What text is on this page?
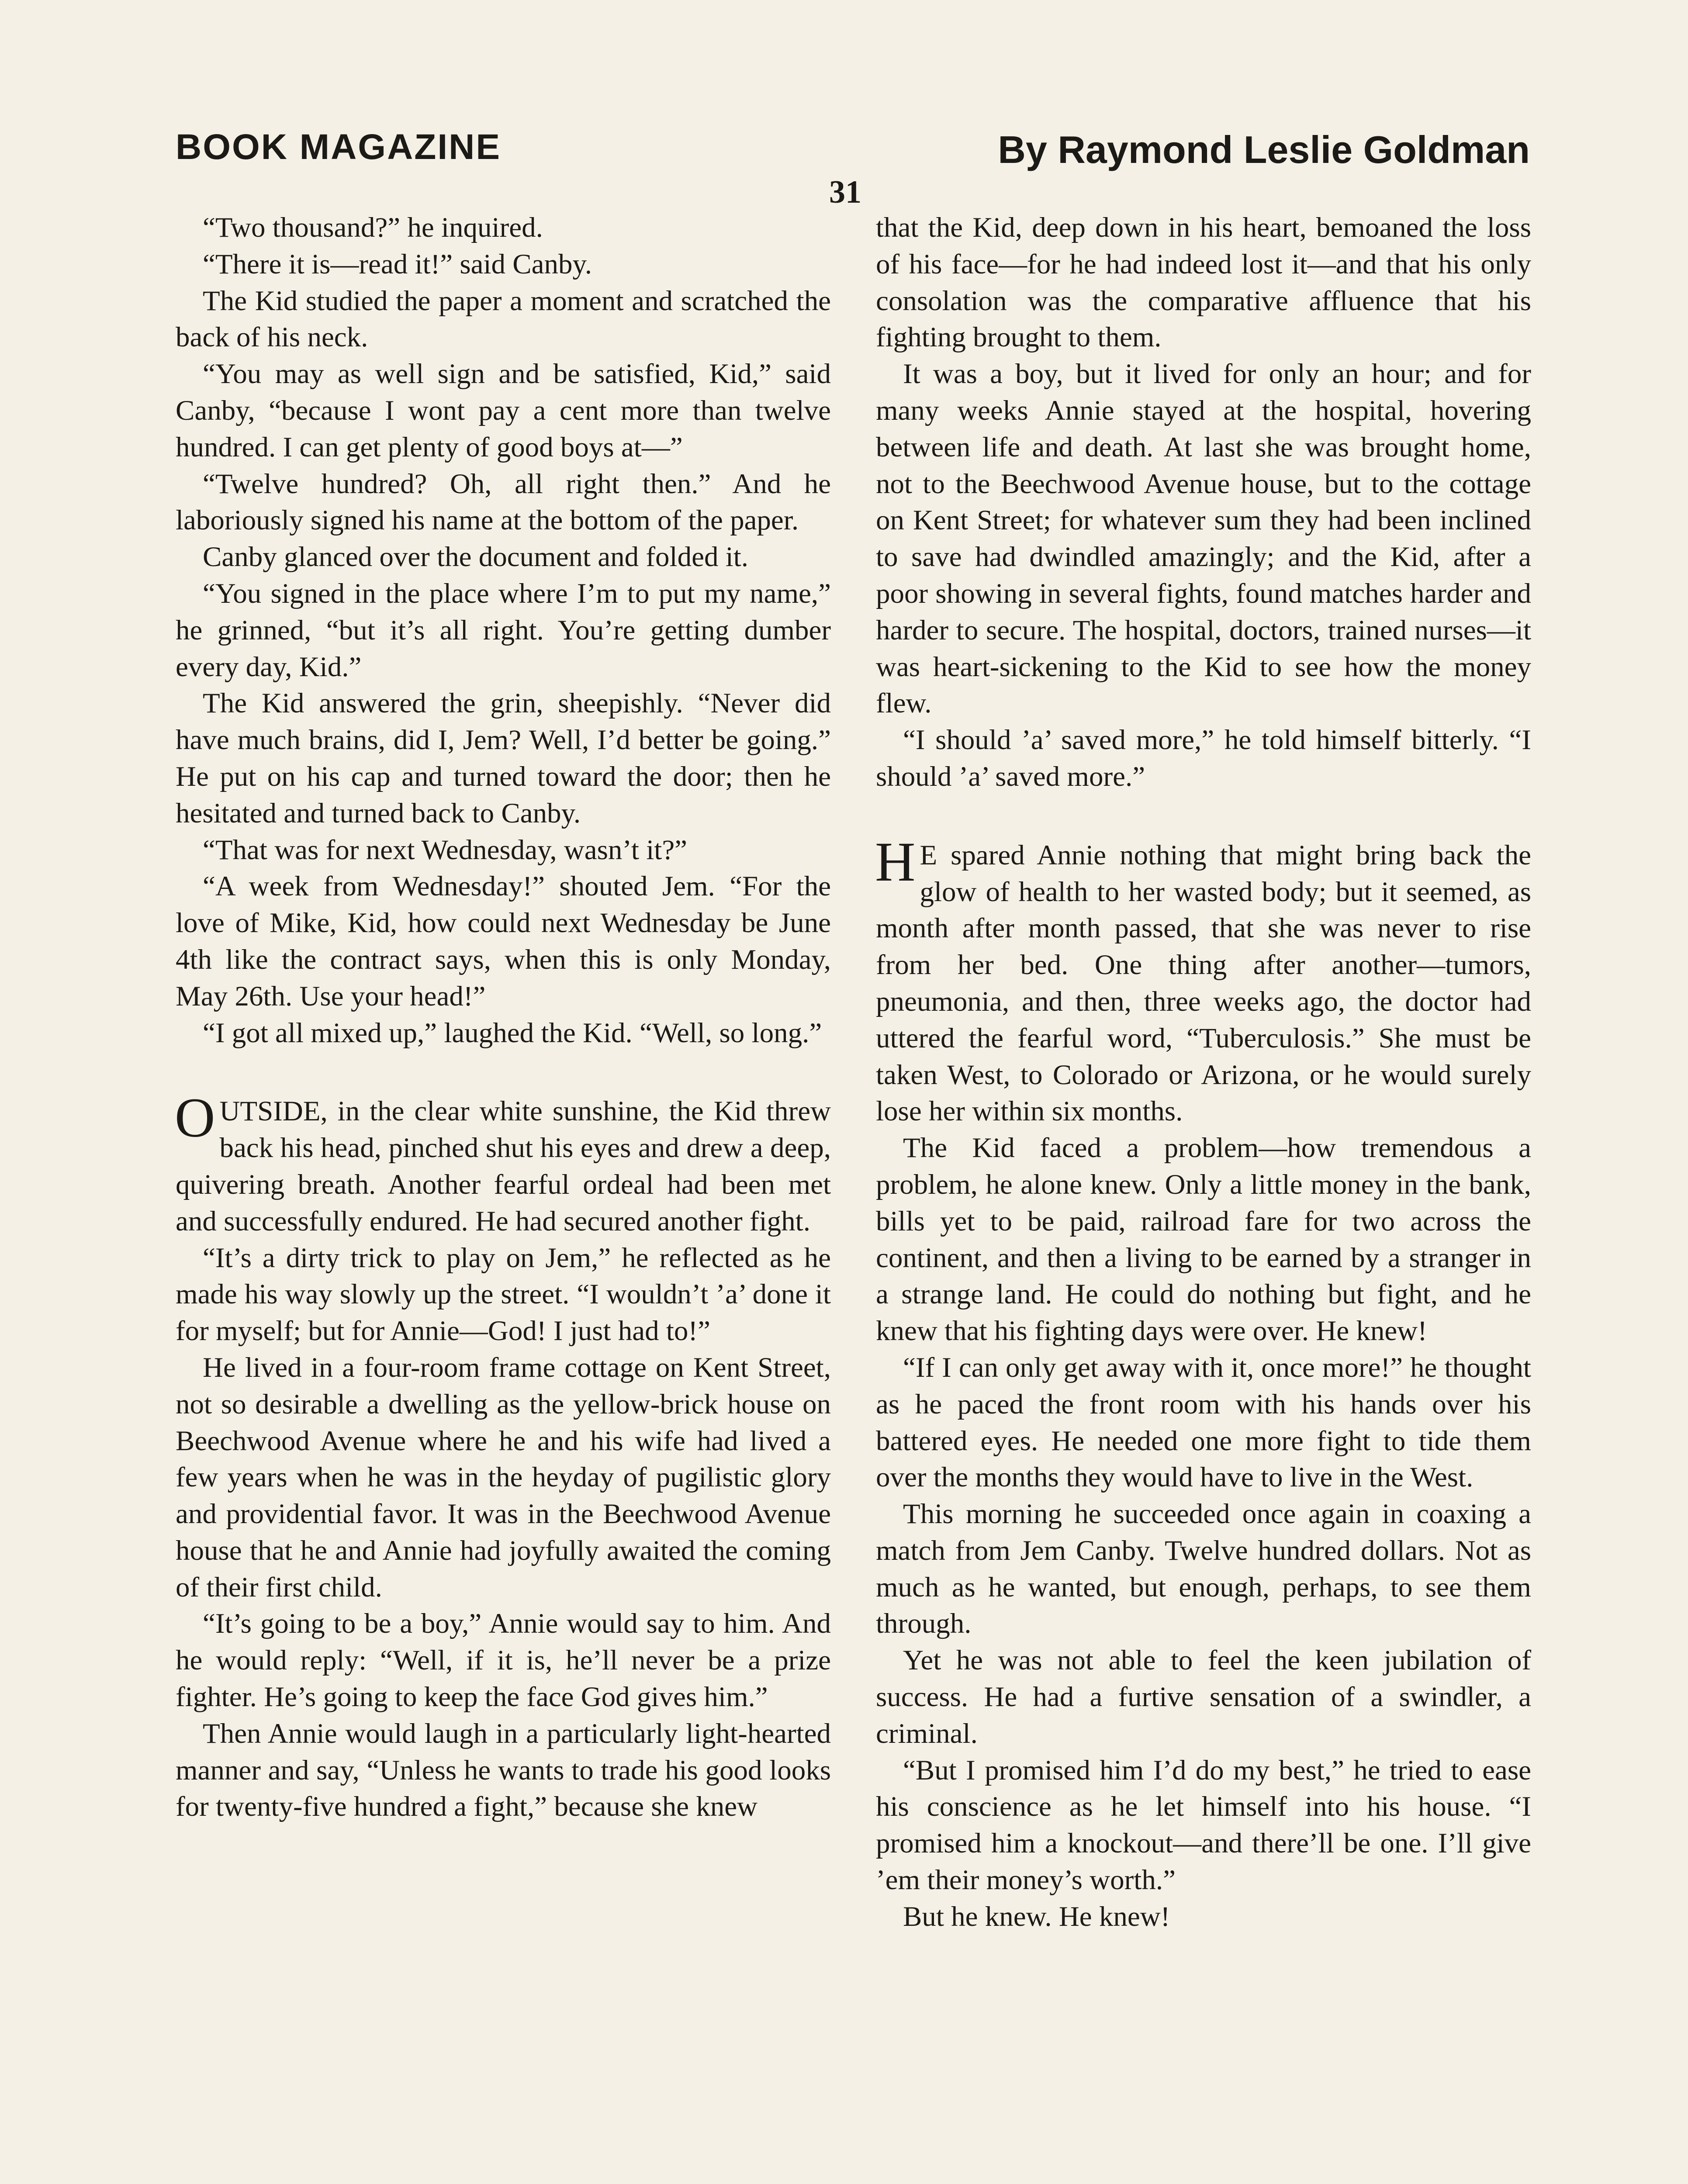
BOOK MAGAZINE	By Raymond Leslie Goldman
31

“Two thousand?” he inquired.

“There it is—read it!” said Canby.

The Kid studied the paper a moment and scratched the back of his neck.

“You may as well sign and be satisfied, Kid,” said Canby, “because I wont pay a cent more than twelve hundred. I can get plenty of good boys at—”

“Twelve hundred? Oh, all right then.” And he laboriously signed his name at the bottom of the paper.

Canby glanced over the document and folded it.

“You signed in the place where I’m to put my name,” he grinned, “but it’s all right. You’re getting dumber every day, Kid.”

The Kid answered the grin, sheepishly. “Never did have much brains, did I, Jem? Well, I’d better be going.” He put on his cap and turned toward the door; then he hesitated and turned back to Canby.

“That was for next Wednesday, wasn’t it?”

“A week from Wednesday!” shouted Jem. “For the love of Mike, Kid, how could next Wednesday be June 4th like the contract says, when this is only Monday, May 26th. Use your head!”

“I got all mixed up,” laughed the Kid. “Well, so long.”

OUTSIDE, in the clear white sunshine, the Kid threw back his head, pinched shut his eyes and drew a deep, quivering breath. Another fearful ordeal had been met and successfully endured. He had secured another fight.

“It’s a dirty trick to play on Jem,” he reflected as he made his way slowly up the street. “I wouldn’t ’a’ done it for myself; but for Annie—God! I just had to!”

He lived in a four-room frame cottage on Kent Street, not so desirable a dwelling as the yellow-brick house on Beechwood Avenue where he and his wife had lived a few years when he was in the heyday of pugilistic glory and providential favor. It was in the Beechwood Avenue house that he and Annie had joyfully awaited the coming of their first child.

“It’s going to be a boy,” Annie would say to him. And he would reply: “Well, if it is, he’ll never be a prize fighter. He’s going to keep the face God gives him.”

Then Annie would laugh in a particularly light-hearted manner and say, “Unless he wants to trade his good looks for twenty-five hundred a fight,” because she knew

that the Kid, deep down in his heart, bemoaned the loss of his face—for he had indeed lost it—and that his only consolation was the comparative affluence that his fighting brought to them.

It was a boy, but it lived for only an hour; and for many weeks Annie stayed at the hospital, hovering between life and death. At last she was brought home, not to the Beechwood Avenue house, but to the cottage on Kent Street; for whatever sum they had been inclined to save had dwindled amazingly; and the Kid, after a poor showing in several fights, found matches harder and harder to secure. The hospital, doctors, trained nurses—it was heart-sickening to the Kid to see how the money flew.

“I should ’a’ saved more,” he told himself bitterly. “I should ’a’ saved more.”

H E spared Annie nothing that might bring back the glow of health to her wasted body; but it seemed, as month after month passed, that she was never to rise from her bed. One thing after another—tumors, pneumonia, and then, three weeks ago, the doctor had uttered the fearful word, “Tuberculosis.” She must be taken West, to Colorado or Arizona, or he would surely lose her within six months.

The Kid faced a problem—how tremendous a problem, he alone knew. Only a little money in the bank, bills yet to be paid, railroad fare for two across the continent, and then a living to be earned by a stranger in a strange land. He could do nothing but fight, and he knew that his fighting days were over. He knew!

“If I can only get away with it, once more!” he thought as he paced the front room with his hands over his battered eyes. He needed one more fight to tide them over the months they would have to live in the West.

This morning he succeeded once again in coaxing a match from Jem Canby. Twelve hundred dollars. Not as much as he wanted, but enough, perhaps, to see them through.

Yet he was not able to feel the keen jubilation of success. He had a furtive sensation of a swindler, a criminal.

“But I promised him I’d do my best,” he tried to ease his conscience as he let himself into his house. “I promised him a knockout—and there’ll be one. I’ll give ’em their money’s worth.”

But he knew. He knew!
